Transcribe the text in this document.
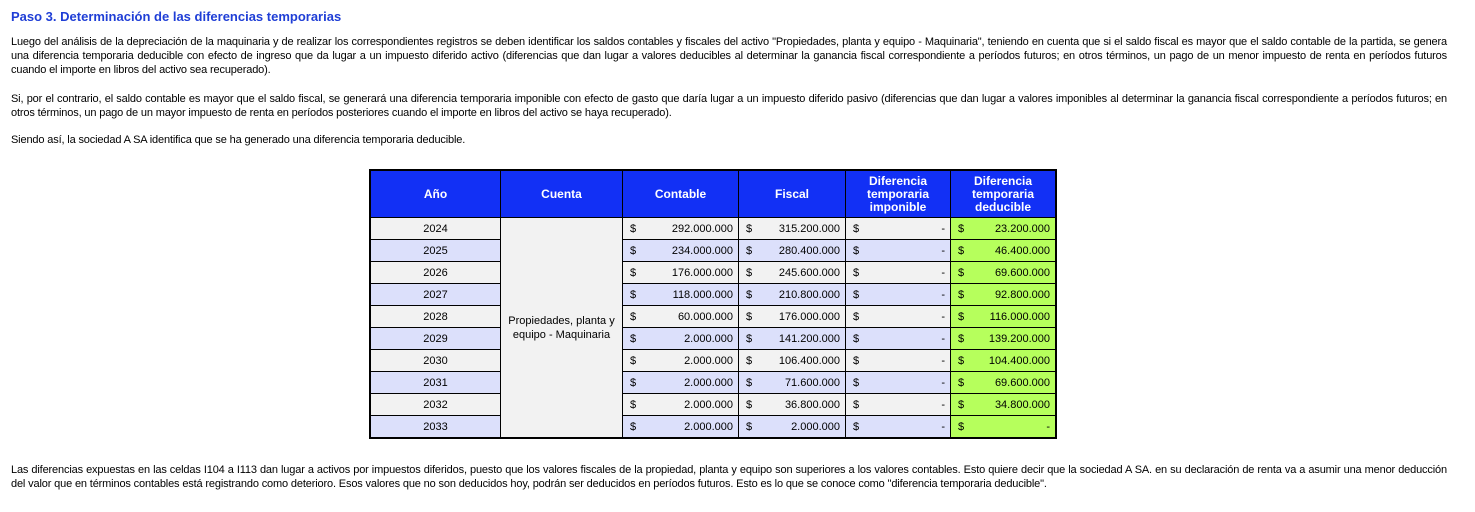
Paso 3. Determinación de las diferencias temporarias
Luego del análisis de la depreciación de la maquinaria y de realizar los correspondientes registros se deben identificar los saldos contables y fiscales del activo "Propiedades, planta y equipo - Maquinaria", teniendo en cuenta que si el saldo fiscal es mayor que el saldo contable de la partida, se genera una diferencia temporaria deducible con efecto de ingreso que da lugar a un impuesto diferido activo (diferencias que dan lugar a valores deducibles al determinar la ganancia fiscal correspondiente a períodos futuros; en otros términos, un pago de un menor impuesto de renta en períodos futuros cuando el importe en libros del activo sea recuperado).
Si, por el contrario, el saldo contable es mayor que el saldo fiscal, se generará una diferencia temporaria imponible con efecto de gasto que daría lugar a un impuesto diferido pasivo (diferencias que dan lugar a valores imponibles al determinar la ganancia fiscal correspondiente a períodos futuros; en otros términos, un pago de un mayor impuesto de renta en períodos posteriores cuando el importe en libros del activo se haya recuperado).
Siendo así, la sociedad A SA identifica que se ha generado una diferencia temporaria deducible.
Año	Cuenta	Contable	Fiscal	Diferencia temporaria imponible	Diferencia temporaria deducible
2024	Propiedades, planta y equipo - Maquinaria	$ 292.000.000	$ 315.200.000	$ -	$ 23.200.000

2025		$ 234.000.000	$ 280.400.000	$ -	$ 46.400.000

2026		$ 176.000.000	$ 245.600.000	$ -	$ 69.600.000

2027		$ 118.000.000	$ 210.800.000	$ -	$ 92.800.000

2028		$ 60.000.000	$ 176.000.000	$ -	$ 116.000.000

2029		$ 2.000.000	$ 141.200.000	$ -	$ 139.200.000

2030		$ 2.000.000	$ 106.400.000	$ -	$ 104.400.000

2031		$ 2.000.000	$ 71.600.000	$ -	$ 69.600.000

2032		$ 2.000.000	$ 36.800.000	$ -	$ 34.800.000

2033		$ 2.000.000	$ 2.000.000	$ -	$ -
Las diferencias expuestas en las celdas I104 a I113 dan lugar a activos por impuestos diferidos, puesto que los valores fiscales de la propiedad, planta y equipo son superiores a los valores contables. Esto quiere decir que la sociedad A SA. en su declaración de renta va a asumir una menor deducción del valor que en términos contables está registrando como deterioro. Esos valores que no son deducidos hoy, podrán ser deducidos en períodos futuros. Esto es lo que se conoce como "diferencia temporaria deducible".
